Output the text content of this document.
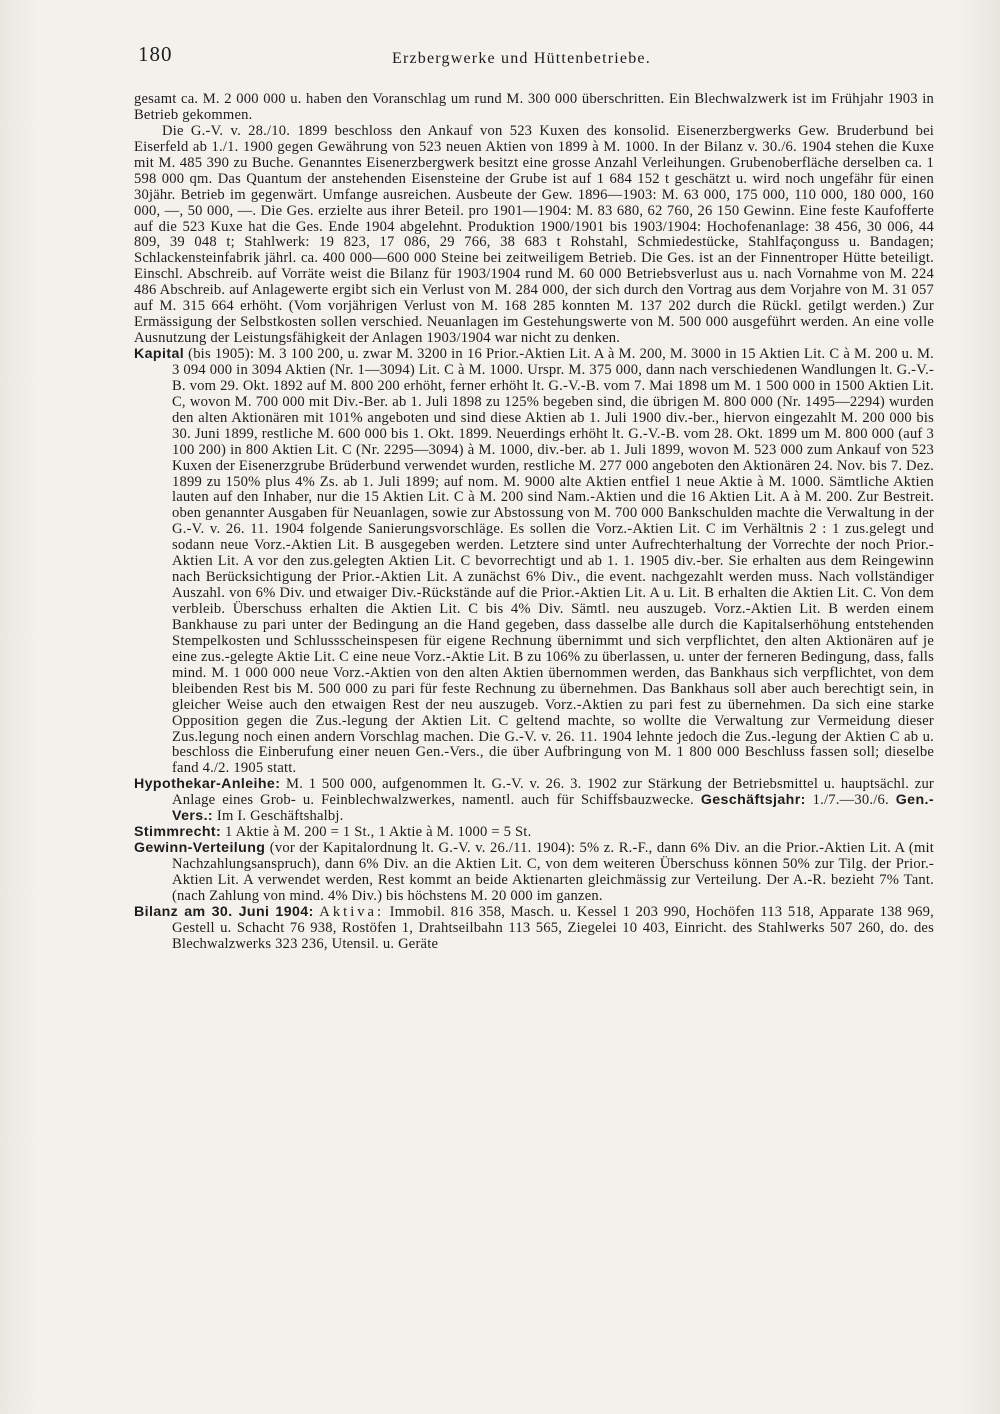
180	Erzbergwerke und Hüttenbetriebe.

gesamt ca. M. 2 000 000 u. haben den Voranschlag um rund M. 300 000 überschritten. Ein Blechwalzwerk ist im Frühjahr 1903 in Betrieb gekommen.

Die G.-V. v. 28./10. 1899 beschloss den Ankauf von 523 Kuxen des konsolid. Eisenerzbergwerks Gew. Bruderbund bei Eiserfeld ab 1./1. 1900 gegen Gewährung von 523 neuen Aktien von 1899 à M. 1000. In der Bilanz v. 30./6. 1904 stehen die Kuxe mit M. 485 390 zu Buche. Genanntes Eisenerzbergwerk besitzt eine grosse Anzahl Verleihungen. Grubenoberfläche derselben ca. 1 598 000 qm. Das Quantum der anstehenden Eisensteine der Grube ist auf 1 684 152 t geschätzt u. wird noch ungefähr für einen 30jähr. Betrieb im gegenwärt. Umfange ausreichen. Ausbeute der Gew. 1896—1903: M. 63 000, 175 000, 110 000, 180 000, 160 000, —, 50 000, —. Die Ges. erzielte aus ihrer Beteil. pro 1901—1904: M. 83 680, 62 760, 26 150 Gewinn. Eine feste Kaufofferte auf die 523 Kuxe hat die Ges. Ende 1904 abgelehnt. Produktion 1900/1901 bis 1903/1904: Hochofenanlage: 38 456, 30 006, 44 809, 39 048 t; Stahlwerk: 19 823, 17 086, 29 766, 38 683 t Rohstahl, Schmiedestücke, Stahlfaçonguss u. Bandagen; Schlackensteinfabrik jährl. ca. 400 000—600 000 Steine bei zeitweiligem Betrieb. Die Ges. ist an der Finnentroper Hütte beteiligt. Einschl. Abschreib. auf Vorräte weist die Bilanz für 1903/1904 rund M. 60 000 Betriebsverlust aus u. nach Vornahme von M. 224 486 Abschreib. auf Anlagewerte ergibt sich ein Verlust von M. 284 000, der sich durch den Vortrag aus dem Vorjahre von M. 31 057 auf M. 315 664 erhöht. (Vom vorjährigen Verlust von M. 168 285 konnten M. 137 202 durch die Rückl. getilgt werden.) Zur Ermässigung der Selbstkosten sollen verschied. Neuanlagen im Gestehungswerte von M. 500 000 ausgeführt werden. An eine volle Ausnutzung der Leistungsfähigkeit der Anlagen 1903/1904 war nicht zu denken.

Kapital (bis 1905): M. 3 100 200, u. zwar M. 3200 in 16 Prior.-Aktien Lit. A à M. 200, M. 3000 in 15 Aktien Lit. C à M. 200 u. M. 3 094 000 in 3094 Aktien (Nr. 1—3094) Lit. C à M. 1000. Urspr. M. 375 000, dann nach verschiedenen Wandlungen lt. G.-V.-B. vom 29. Okt. 1892 auf M. 800 200 erhöht, ferner erhöht lt. G.-V.-B. vom 7. Mai 1898 um M. 1 500 000 in 1500 Aktien Lit. C, wovon M. 700 000 mit Div.-Ber. ab 1. Juli 1898 zu 125% begeben sind, die übrigen M. 800 000 (Nr. 1495—2294) wurden den alten Aktionären mit 101% angeboten und sind diese Aktien ab 1. Juli 1900 div.-ber., hiervon eingezahlt M. 200 000 bis 30. Juni 1899, restliche M. 600 000 bis 1. Okt. 1899. Neuerdings erhöht lt. G.-V.-B. vom 28. Okt. 1899 um M. 800 000 (auf 3 100 200) in 800 Aktien Lit. C (Nr. 2295—3094) à M. 1000, div.-ber. ab 1. Juli 1899, wovon M. 523 000 zum Ankauf von 523 Kuxen der Eisenerzgrube Brüderbund verwendet wurden, restliche M. 277 000 angeboten den Aktionären 24. Nov. bis 7. Dez. 1899 zu 150% plus 4% Zs. ab 1. Juli 1899; auf nom. M. 9000 alte Aktien entfiel 1 neue Aktie à M. 1000. Sämtliche Aktien lauten auf den Inhaber, nur die 15 Aktien Lit. C à M. 200 sind Nam.-Aktien und die 16 Aktien Lit. A à M. 200. Zur Bestreit. oben genannter Ausgaben für Neuanlagen, sowie zur Abstossung von M. 700 000 Bankschulden machte die Verwaltung in der G.-V. v. 26. 11. 1904 folgende Sanierungsvorschläge. Es sollen die Vorz.-Aktien Lit. C im Verhältnis 2 : 1 zus.gelegt und sodann neue Vorz.-Aktien Lit. B ausgegeben werden. Letztere sind unter Aufrechterhaltung der Vorrechte der noch Prior.-Aktien Lit. A vor den zus.gelegten Aktien Lit. C bevorrechtigt und ab 1. 1. 1905 div.-ber. Sie erhalten aus dem Reingewinn nach Berücksichtigung der Prior.-Aktien Lit. A zunächst 6% Div., die event. nachgezahlt werden muss. Nach vollständiger Auszahl. von 6% Div. und etwaiger Div.-Rückstände auf die Prior.-Aktien Lit. A u. Lit. B erhalten die Aktien Lit. C. Von dem verbleib. Überschuss erhalten die Aktien Lit. C bis 4% Div. Sämtl. neu auszugeb. Vorz.-Aktien Lit. B werden einem Bankhause zu pari unter der Bedingung an die Hand gegeben, dass dasselbe alle durch die Kapitalserhöhung entstehenden Stempelkosten und Schlussscheinspesen für eigene Rechnung übernimmt und sich verpflichtet, den alten Aktionären auf je eine zus.-gelegte Aktie Lit. C eine neue Vorz.-Aktie Lit. B zu 106% zu überlassen, u. unter der ferneren Bedingung, dass, falls mind. M. 1 000 000 neue Vorz.-Aktien von den alten Aktien übernommen werden, das Bankhaus sich verpflichtet, von dem bleibenden Rest bis M. 500 000 zu pari für feste Rechnung zu übernehmen. Das Bankhaus soll aber auch berechtigt sein, in gleicher Weise auch den etwaigen Rest der neu auszugeb. Vorz.-Aktien zu pari fest zu übernehmen. Da sich eine starke Opposition gegen die Zus.-legung der Aktien Lit. C geltend machte, so wollte die Verwaltung zur Vermeidung dieser Zus.legung noch einen andern Vorschlag machen. Die G.-V. v. 26. 11. 1904 lehnte jedoch die Zus.-legung der Aktien C ab u. beschloss die Einberufung einer neuen Gen.-Vers., die über Aufbringung von M. 1 800 000 Beschluss fassen soll; dieselbe fand 4./2. 1905 statt.

Hypothekar-Anleihe: M. 1 500 000, aufgenommen lt. G.-V. v. 26. 3. 1902 zur Stärkung der Betriebsmittel u. hauptsächl. zur Anlage eines Grob- u. Feinblechwalzwerkes, namentl. auch für Schiffsbauzwecke. Geschäftsjahr: 1./7.—30./6. Gen.-Vers.: Im I. Geschäftshalbj.

Stimmrecht: 1 Aktie à M. 200 = 1 St., 1 Aktie à M. 1000 = 5 St.

Gewinn-Verteilung (vor der Kapitalordnung lt. G.-V. v. 26./11. 1904): 5% z. R.-F., dann 6% Div. an die Prior.-Aktien Lit. A (mit Nachzahlungsanspruch), dann 6% Div. an die Aktien Lit. C, von dem weiteren Überschuss können 50% zur Tilg. der Prior.-Aktien Lit. A verwendet werden, Rest kommt an beide Aktienarten gleichmässig zur Verteilung. Der A.-R. bezieht 7% Tant. (nach Zahlung von mind. 4% Div.) bis höchstens M. 20 000 im ganzen.

Bilanz am 30. Juni 1904: Aktiva: Immobil. 816 358, Masch. u. Kessel 1 203 990, Hochöfen 113 518, Apparate 138 969, Gestell u. Schacht 76 938, Rostöfen 1, Drahtseilbahn 113 565, Ziegelei 10 403, Einricht. des Stahlwerks 507 260, do. des Blechwalzwerks 323 236, Utensil. u. Geräte
